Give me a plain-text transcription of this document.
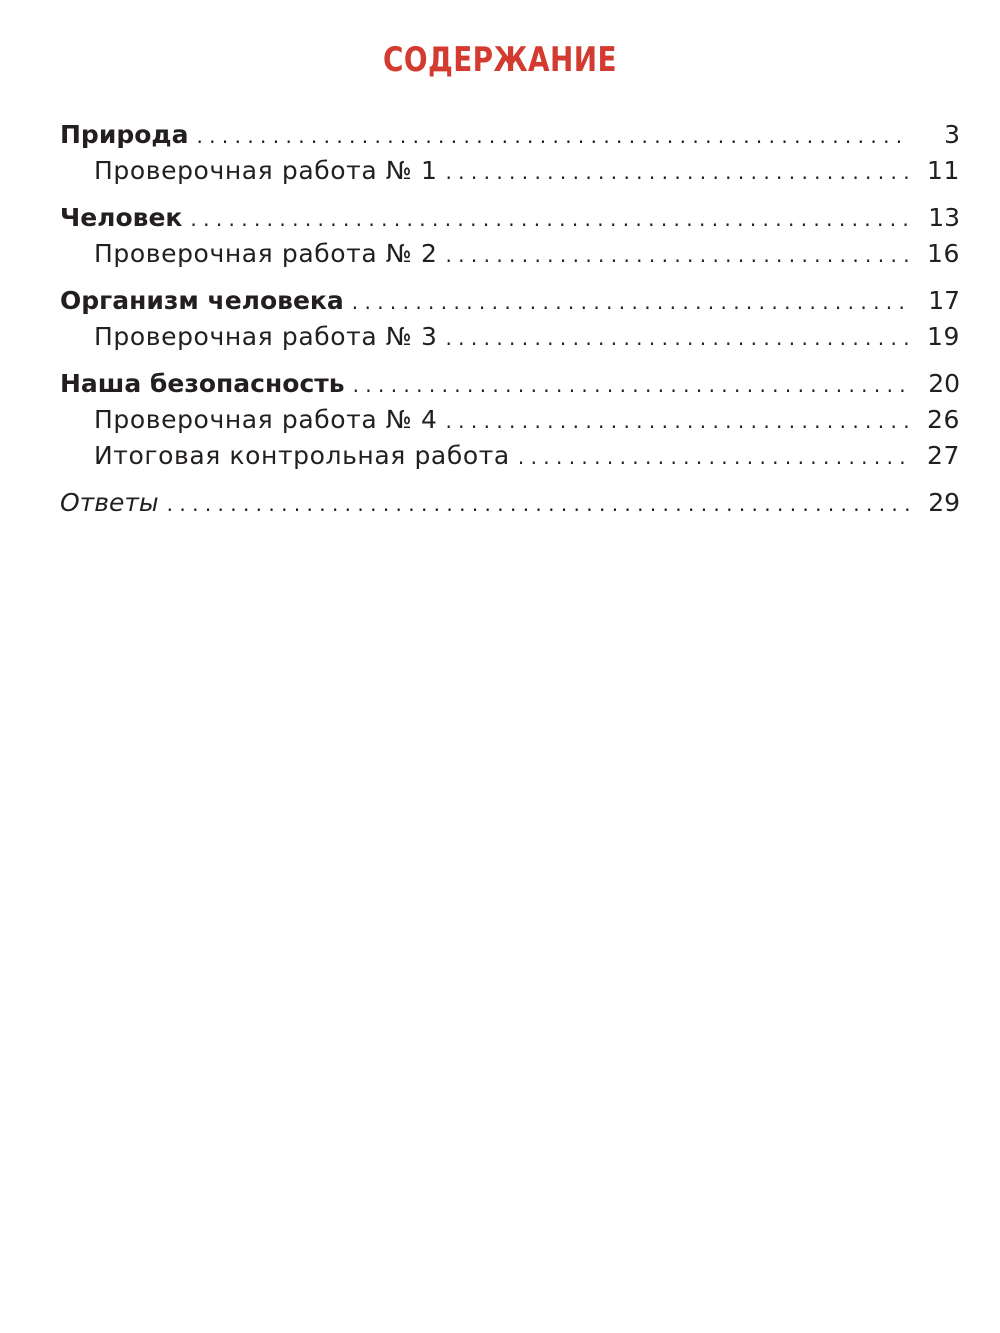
СОДЕРЖАНИЕ
Природа . . .	3
Проверочная работа № 1 . . .	11
Человек . . .	13
Проверочная работа № 2 . . .	16
Организм человека . . .	17
Проверочная работа № 3 . . .	19
Наша безопасность . . .	20
Проверочная работа № 4 . . .	26
Итоговая контрольная работа . . .	27
Ответы . . .	29
